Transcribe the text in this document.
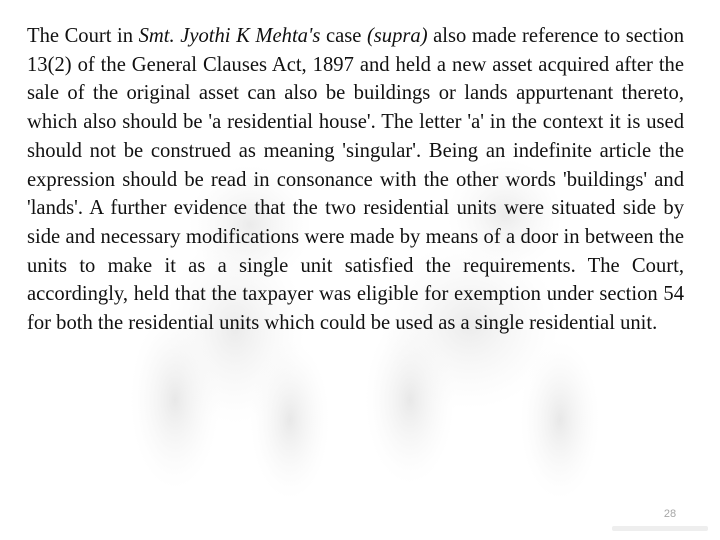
The Court in Smt. Jyothi K Mehta's case (supra) also made reference to section 13(2) of the General Clauses Act, 1897 and held a new asset acquired after the sale of the original asset can also be buildings or lands appurtenant thereto, which also should be 'a residential house'. The letter 'a' in the context it is used should not be construed as meaning 'singular'. Being an indefinite article the expression should be read in consonance with the other words 'buildings' and 'lands'. A further evidence that the two residential units were situated side by side and necessary modifications were made by means of a door in between the units to make it as a single unit satisfied the requirements. The Court, accordingly, held that the taxpayer was eligible for exemption under section 54 for both the residential units which could be used as a single residential unit.

28
